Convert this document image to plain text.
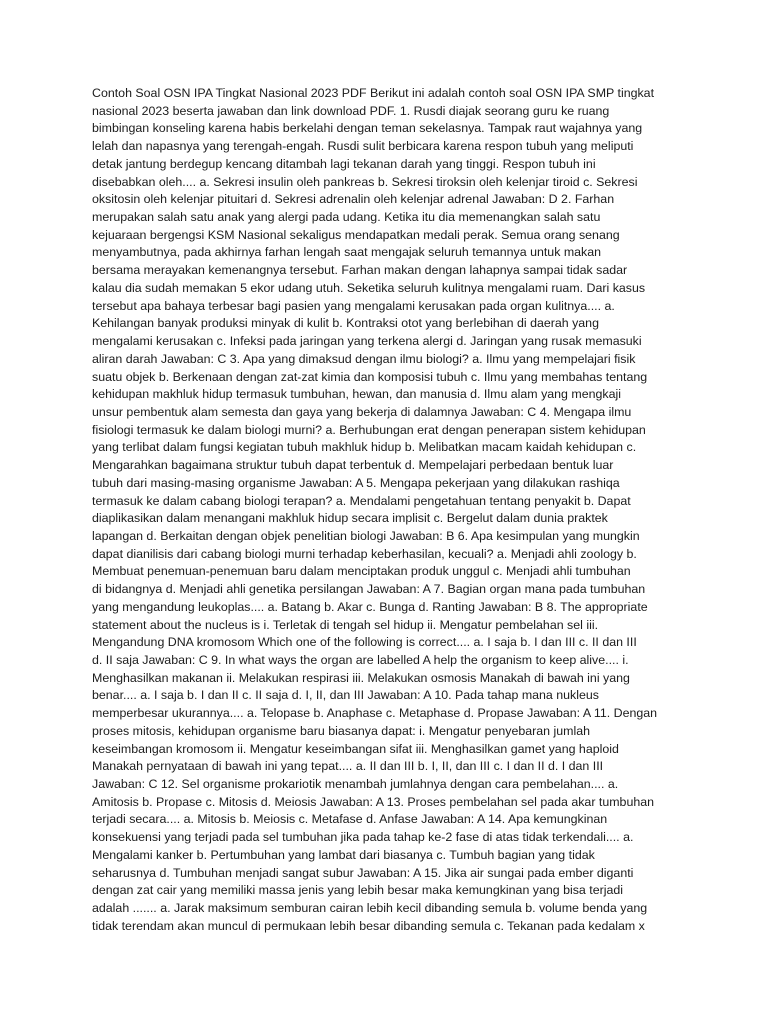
Contoh Soal OSN IPA Tingkat Nasional 2023 PDF Berikut ini adalah contoh soal OSN IPA SMP tingkat
nasional 2023 beserta jawaban dan link download PDF. 1. Rusdi diajak seorang guru ke ruang
bimbingan konseling karena habis berkelahi dengan teman sekelasnya. Tampak raut wajahnya yang
lelah dan napasnya yang terengah-engah. Rusdi sulit berbicara karena respon tubuh yang meliputi
detak jantung berdegup kencang ditambah lagi tekanan darah yang tinggi. Respon tubuh ini
disebabkan oleh.... a. Sekresi insulin oleh pankreas b. Sekresi tiroksin oleh kelenjar tiroid c. Sekresi
oksitosin oleh kelenjar pituitari d. Sekresi adrenalin oleh kelenjar adrenal Jawaban: D 2. Farhan
merupakan salah satu anak yang alergi pada udang. Ketika itu dia memenangkan salah satu
kejuaraan bergengsi KSM Nasional sekaligus mendapatkan medali perak. Semua orang senang
menyambutnya, pada akhirnya farhan lengah saat mengajak seluruh temannya untuk makan
bersama merayakan kemenangnya tersebut. Farhan makan dengan lahapnya sampai tidak sadar
kalau dia sudah memakan 5 ekor udang utuh. Seketika seluruh kulitnya mengalami ruam. Dari kasus
tersebut apa bahaya terbesar bagi pasien yang mengalami kerusakan pada organ kulitnya.... a.
Kehilangan banyak produksi minyak di kulit b. Kontraksi otot yang berlebihan di daerah yang
mengalami kerusakan c. Infeksi pada jaringan yang terkena alergi d. Jaringan yang rusak memasuki
aliran darah Jawaban: C 3. Apa yang dimaksud dengan ilmu biologi? a. Ilmu yang mempelajari fisik
suatu objek b. Berkenaan dengan zat-zat kimia dan komposisi tubuh c. Ilmu yang membahas tentang
kehidupan makhluk hidup termasuk tumbuhan, hewan, dan manusia d. Ilmu alam yang mengkaji
unsur pembentuk alam semesta dan gaya yang bekerja di dalamnya Jawaban: C 4. Mengapa ilmu
fisiologi termasuk ke dalam biologi murni? a. Berhubungan erat dengan penerapan sistem kehidupan
yang terlibat dalam fungsi kegiatan tubuh makhluk hidup b. Melibatkan macam kaidah kehidupan c.
Mengarahkan bagaimana struktur tubuh dapat terbentuk d. Mempelajari perbedaan bentuk luar
tubuh dari masing-masing organisme Jawaban: A 5. Mengapa pekerjaan yang dilakukan rashiqa
termasuk ke dalam cabang biologi terapan? a. Mendalami pengetahuan tentang penyakit b. Dapat
diaplikasikan dalam menangani makhluk hidup secara implisit c. Bergelut dalam dunia praktek
lapangan d. Berkaitan dengan objek penelitian biologi Jawaban: B 6. Apa kesimpulan yang mungkin
dapat dianilisis dari cabang biologi murni terhadap keberhasilan, kecuali? a. Menjadi ahli zoology b.
Membuat penemuan-penemuan baru dalam menciptakan produk unggul c. Menjadi ahli tumbuhan
di bidangnya d. Menjadi ahli genetika persilangan Jawaban: A 7. Bagian organ mana pada tumbuhan
yang mengandung leukoplas.... a. Batang b. Akar c. Bunga d. Ranting Jawaban: B 8. The appropriate
statement about the nucleus is i. Terletak di tengah sel hidup ii. Mengatur pembelahan sel iii.
Mengandung DNA kromosom Which one of the following is correct.... a. I saja b. I dan III c. II dan III
d. II saja Jawaban: C 9. In what ways the organ are labelled A help the organism to keep alive.... i.
Menghasilkan makanan ii. Melakukan respirasi iii. Melakukan osmosis Manakah di bawah ini yang
benar.... a. I saja b. I dan II c. II saja d. I, II, dan III Jawaban: A 10. Pada tahap mana nukleus
memperbesar ukurannya.... a. Telopase b. Anaphase c. Metaphase d. Propase Jawaban: A 11. Dengan
proses mitosis, kehidupan organisme baru biasanya dapat: i. Mengatur penyebaran jumlah
keseimbangan kromosom ii. Mengatur keseimbangan sifat iii. Menghasilkan gamet yang haploid
Manakah pernyataan di bawah ini yang tepat.... a. II dan III b. I, II, dan III c. I dan II d. I dan III
Jawaban: C 12. Sel organisme prokariotik menambah jumlahnya dengan cara pembelahan.... a.
Amitosis b. Propase c. Mitosis d. Meiosis Jawaban: A 13. Proses pembelahan sel pada akar tumbuhan
terjadi secara.... a. Mitosis b. Meiosis c. Metafase d. Anfase Jawaban: A 14. Apa kemungkinan
konsekuensi yang terjadi pada sel tumbuhan jika pada tahap ke-2 fase di atas tidak terkendali.... a.
Mengalami kanker b. Pertumbuhan yang lambat dari biasanya c. Tumbuh bagian yang tidak
seharusnya d. Tumbuhan menjadi sangat subur Jawaban: A 15. Jika air sungai pada ember diganti
dengan zat cair yang memiliki massa jenis yang lebih besar maka kemungkinan yang bisa terjadi
adalah ....... a. Jarak maksimum semburan cairan lebih kecil dibanding semula b. volume benda yang
tidak terendam akan muncul di permukaan lebih besar dibanding semula c. Tekanan pada kedalam x
